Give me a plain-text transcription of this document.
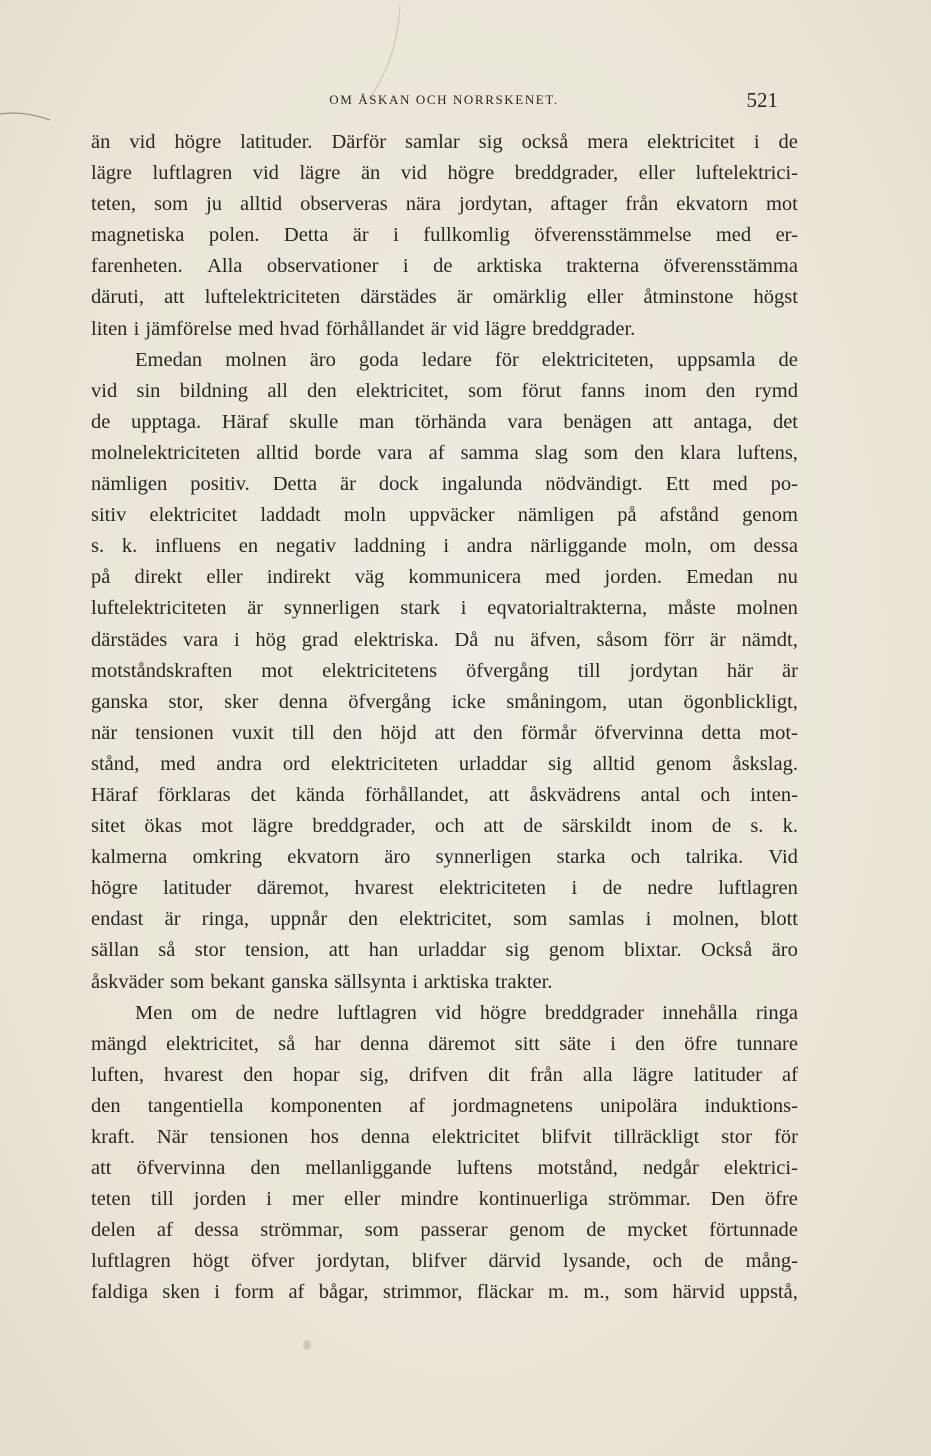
OM ÅSKAN OCH NORRSKENET.	521
än vid högre latituder. Därför samlar sig också mera elektricitet i de
lägre luftlagren vid lägre än vid högre breddgrader, eller luftelektrici-
teten, som ju alltid observeras nära jordytan, aftager från ekvatorn mot
magnetiska polen. Detta är i fullkomlig öfverensstämmelse med er-
farenheten. Alla observationer i de arktiska trakterna öfverensstämma
däruti, att luftelektriciteten därstädes är omärklig eller åtminstone högst
liten i jämförelse med hvad förhållandet är vid lägre breddgrader.
Emedan molnen äro goda ledare för elektriciteten, uppsamla de
vid sin bildning all den elektricitet, som förut fanns inom den rymd
de upptaga. Häraf skulle man törhända vara benägen att antaga, det
molnelektriciteten alltid borde vara af samma slag som den klara luftens,
nämligen positiv. Detta är dock ingalunda nödvändigt. Ett med po-
sitiv elektricitet laddadt moln uppväcker nämligen på afstånd genom
s. k. influens en negativ laddning i andra närliggande moln, om dessa
på direkt eller indirekt väg kommunicera med jorden. Emedan nu
luftelektriciteten är synnerligen stark i eqvatorialtrakterna, måste molnen
därstädes vara i hög grad elektriska. Då nu äfven, såsom förr är nämdt,
motståndskraften mot elektricitetens öfvergång till jordytan här är
ganska stor, sker denna öfvergång icke småningom, utan ögonblickligt,
när tensionen vuxit till den höjd att den förmår öfvervinna detta mot-
stånd, med andra ord elektriciteten urladdar sig alltid genom åskslag.
Häraf förklaras det kända förhållandet, att åskvädrens antal och inten-
sitet ökas mot lägre breddgrader, och att de särskildt inom de s. k.
kalmerna omkring ekvatorn äro synnerligen starka och talrika. Vid
högre latituder däremot, hvarest elektriciteten i de nedre luftlagren
endast är ringa, uppnår den elektricitet, som samlas i molnen, blott
sällan så stor tension, att han urladdar sig genom blixtar. Också äro
åskväder som bekant ganska sällsynta i arktiska trakter.
Men om de nedre luftlagren vid högre breddgrader innehålla ringa
mängd elektricitet, så har denna däremot sitt säte i den öfre tunnare
luften, hvarest den hopar sig, drifven dit från alla lägre latituder af
den tangentiella komponenten af jordmagnetens unipolära induktions-
kraft. När tensionen hos denna elektricitet blifvit tillräckligt stor för
att öfvervinna den mellanliggande luftens motstånd, nedgår elektrici-
teten till jorden i mer eller mindre kontinuerliga strömmar. Den öfre
delen af dessa strömmar, som passerar genom de mycket förtunnade
luftlagren högt öfver jordytan, blifver därvid lysande, och de mång-
faldiga sken i form af bågar, strimmor, fläckar m. m., som härvid uppstå,
